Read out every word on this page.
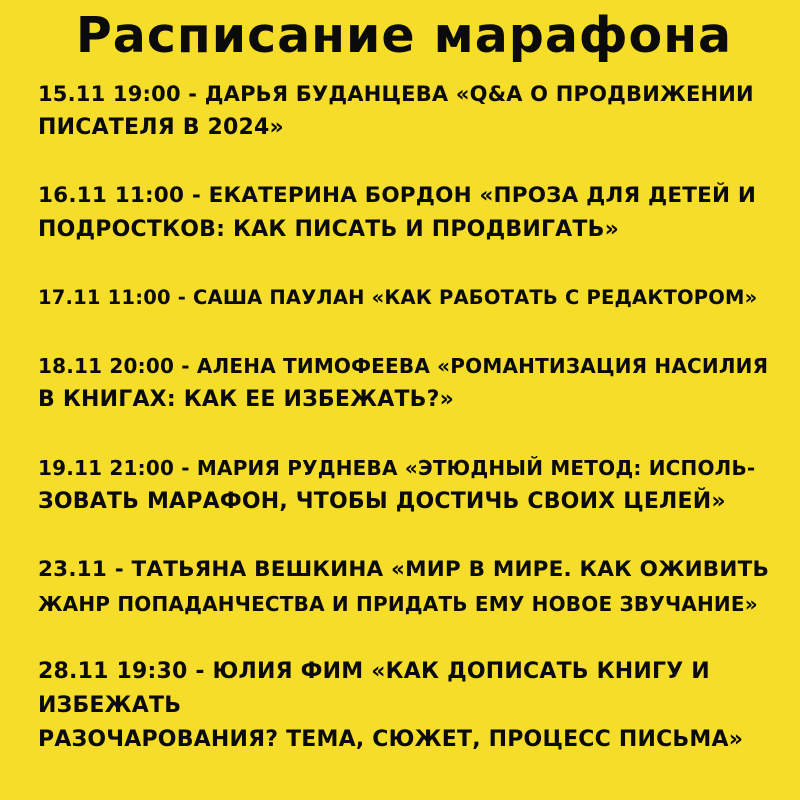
Расписание марафона
15.11 19:00 - ДАРЬЯ БУДАНЦЕВА «Q&A О ПРОДВИЖЕНИИ
ПИСАТЕЛЯ В 2024»
16.11 11:00 - ЕКАТЕРИНА БОРДОН «ПРОЗА ДЛЯ ДЕТЕЙ И
ПОДРОСТКОВ: КАК ПИСАТЬ И ПРОДВИГАТЬ»
17.11 11:00 - САША ПАУЛАН «КАК РАБОТАТЬ С РЕДАКТОРОМ»
18.11 20:00 - АЛЕНА ТИМОФЕЕВА «РОМАНТИЗАЦИЯ НАСИЛИЯ
В КНИГАХ: КАК ЕЕ ИЗБЕЖАТЬ?»
19.11 21:00 - МАРИЯ РУДНЕВА «ЭТЮДНЫЙ МЕТОД: ИСПОЛЬ-
ЗОВАТЬ МАРАФОН, ЧТОБЫ ДОСТИЧЬ СВОИХ ЦЕЛЕЙ»
23.11 - ТАТЬЯНА ВЕШКИНА «МИР В МИРЕ. КАК ОЖИВИТЬ
ЖАНР ПОПАДАНЧЕСТВА И ПРИДАТЬ ЕМУ НОВОЕ ЗВУЧАНИЕ»
28.11 19:30 - ЮЛИЯ ФИМ «КАК ДОПИСАТЬ КНИГУ И
ИЗБЕЖАТЬ
РАЗОЧАРОВАНИЯ? ТЕМА, СЮЖЕТ, ПРОЦЕСС ПИСЬМА»
